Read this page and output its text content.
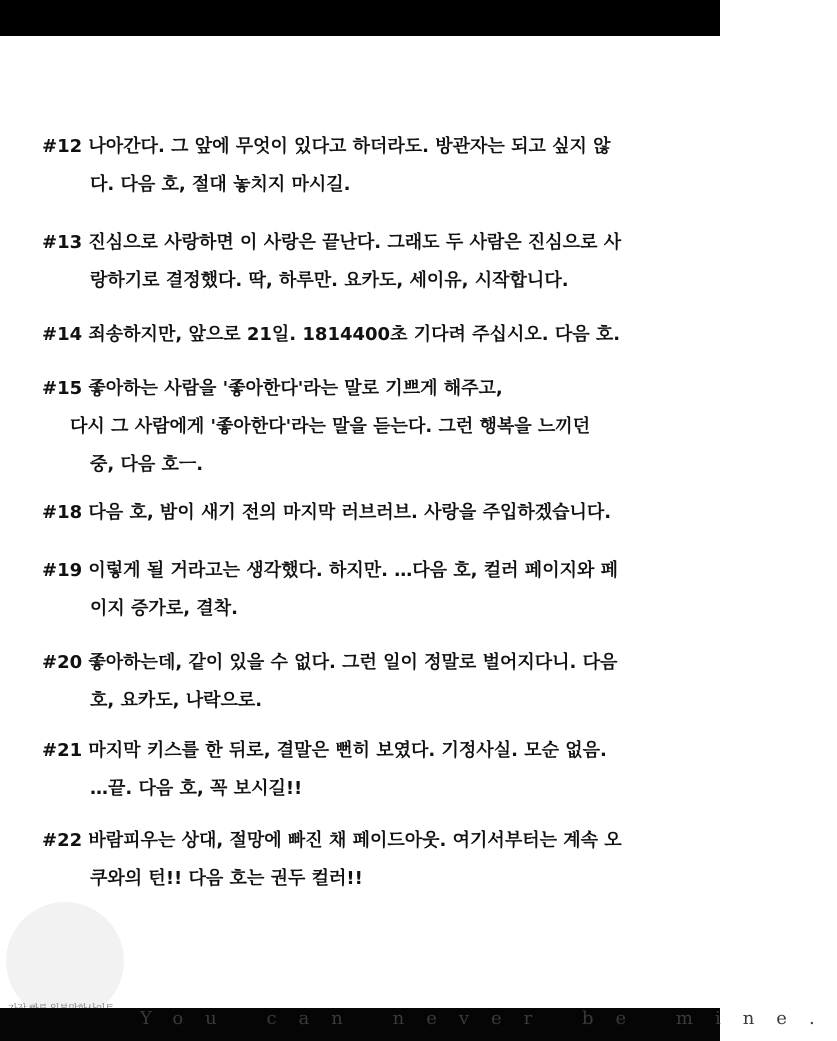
#12 나아간다. 그 앞에 무엇이 있다고 하더라도. 방관자는 되고 싶지 않
다. 다음 호, 절대 놓치지 마시길.
#13 진심으로 사랑하면 이 사랑은 끝난다. 그래도 두 사람은 진심으로 사
랑하기로 결정했다. 딱, 하루만. 요카도, 세이유, 시작합니다.
#14 죄송하지만, 앞으로 21일. 1814400초 기다려 주십시오. 다음 호.
#15 좋아하는 사람을 '좋아한다'라는 말로 기쁘게 해주고,
다시 그 사람에게 '좋아한다'라는 말을 듣는다. 그런 행복을 느끼던
중, 다음 호ㅡ.
#18 다음 호, 밤이 새기 전의 마지막 러브러브. 사랑을 주입하겠습니다.
#19 이렇게 될 거라고는 생각했다. 하지만. …다음 호, 컬러 페이지와 페
이지 증가로, 결착.
#20 좋아하는데, 같이 있을 수 없다. 그런 일이 정말로 벌어지다니. 다음
호, 요카도, 나락으로.
#21 마지막 키스를 한 뒤로, 결말은 뻔히 보였다. 기정사실. 모순 없음.
…끝. 다음 호, 꼭 보시길!!
#22 바람피우는 상대, 절망에 빠진 채 페이드아웃. 여기서부터는 계속 오
쿠와의 턴!! 다음 호는 권두 컬러!!
You can never be mine.
